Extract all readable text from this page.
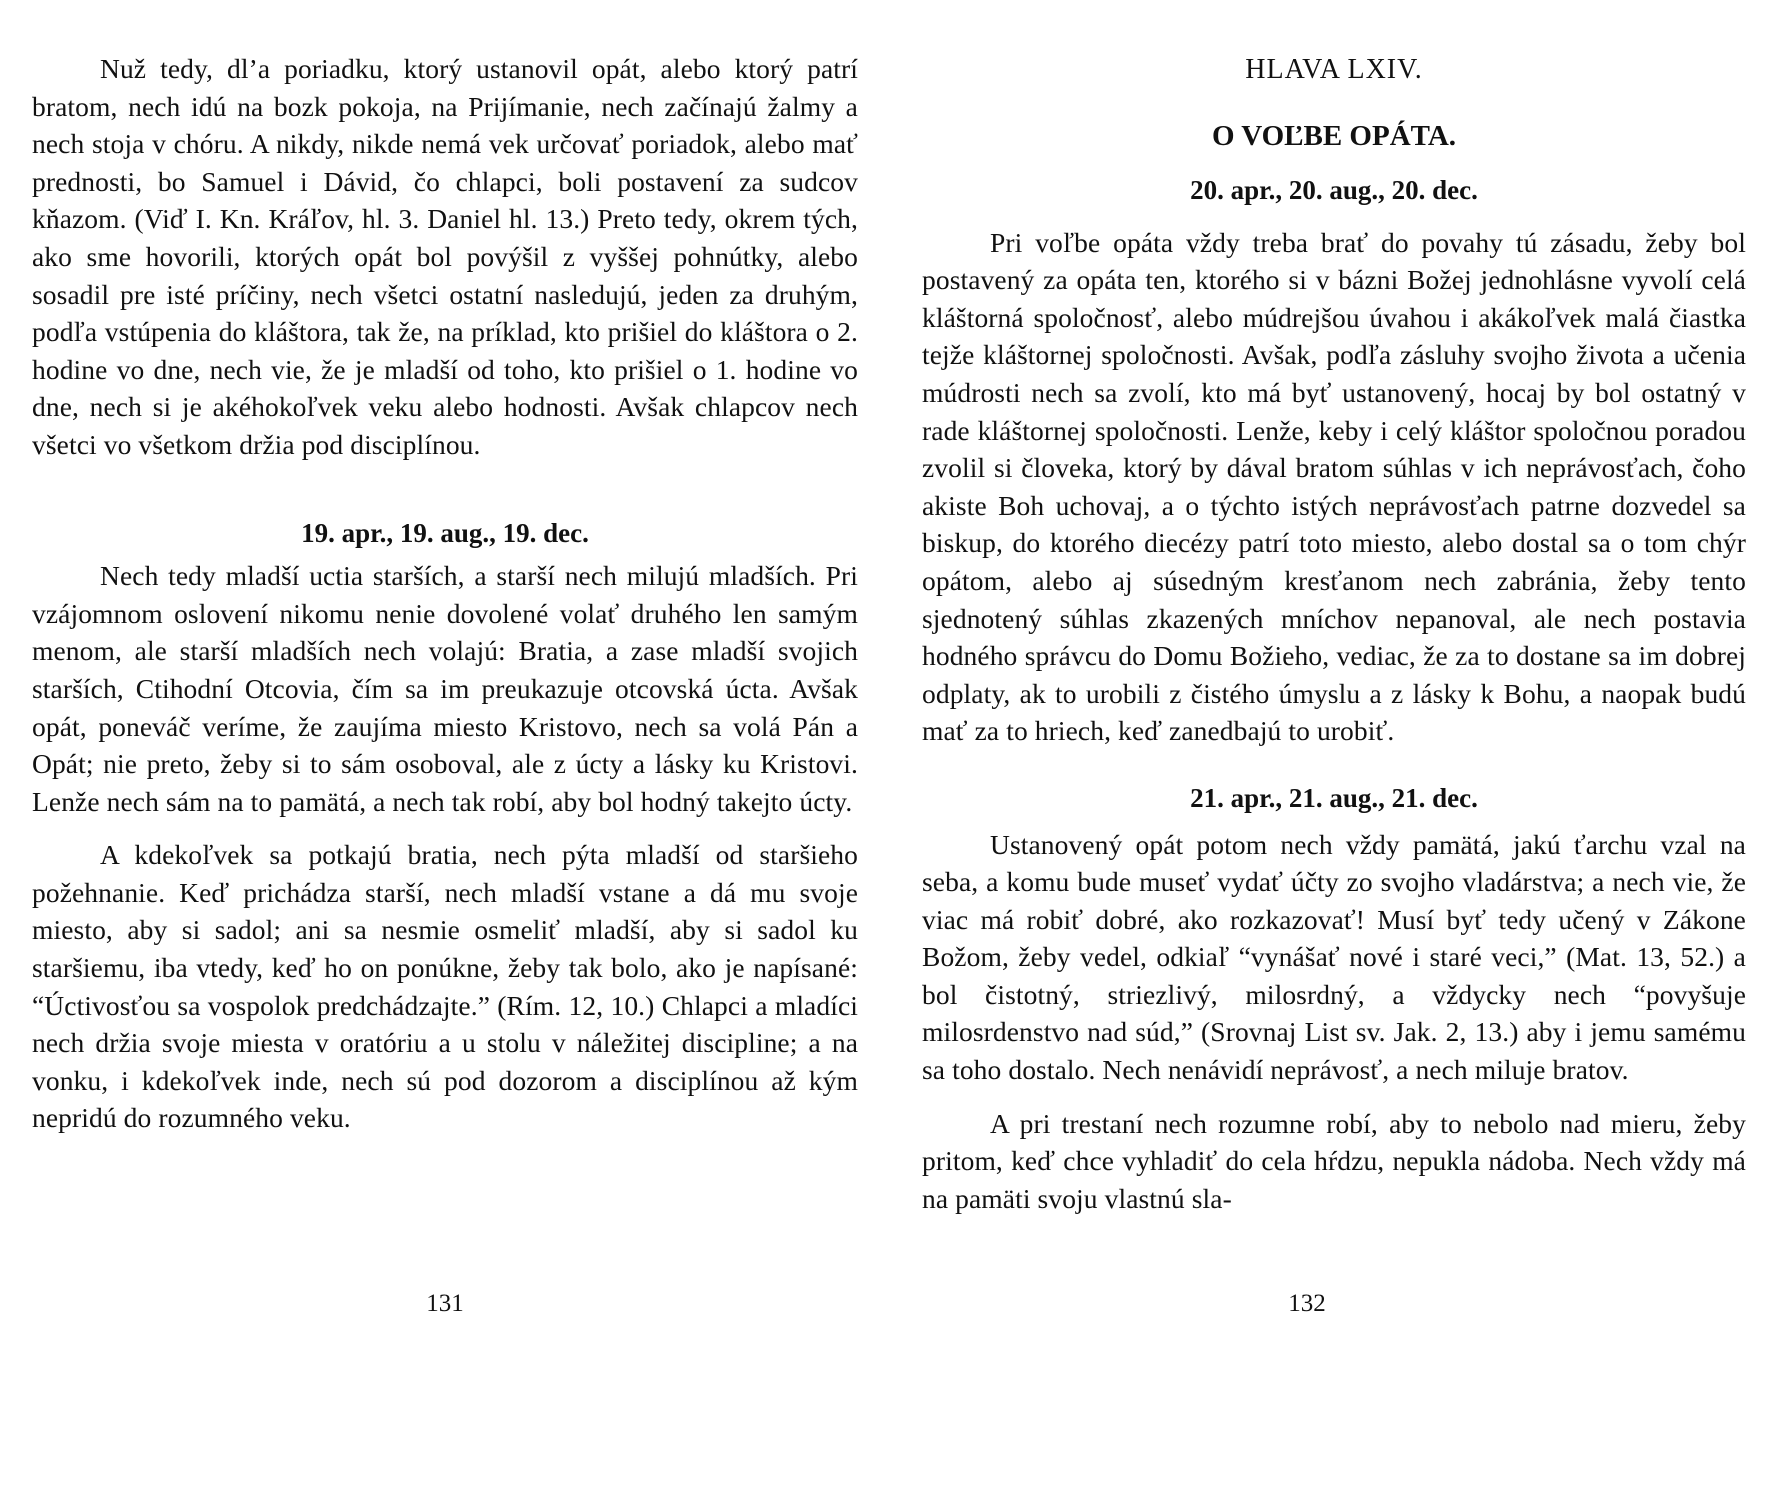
Nuž tedy, dl’a poriadku, ktorý ustanovil opát, alebo ktorý patrí bratom, nech idú na bozk pokoja, na Prijímanie, nech začínajú žalmy a nech stoja v chóru. A nikdy, nikde nemá vek určovať poriadok, alebo mať prednosti, bo Samuel i Dávid, čo chlapci, boli postavení za sudcov kňazom. (Viď I. Kn. Kráľov, hl. 3. Daniel hl. 13.) Preto tedy, okrem tých, ako sme hovorili, ktorých opát bol povýšil z vyššej pohnútky, alebo sosadil pre isté príčiny, nech všetci ostatní nasledujú, jeden za druhým, podľa vstúpenia do kláštora, tak že, na príklad, kto prišiel do kláštora o 2. hodine vo dne, nech vie, že je mladší od toho, kto prišiel o 1. hodine vo dne, nech si je akéhokoľvek veku alebo hodnosti. Avšak chlapcov nech všetci vo všetkom držia pod disciplínou.

19. apr., 19. aug., 19. dec.

Nech tedy mladší uctia starších, a starší nech milujú mladších. Pri vzájomnom oslovení nikomu nenie dovolené volať druhého len samým menom, ale starší mladších nech volajú: Bratia, a zase mladší svojich starších, Ctihodní Otcovia, čím sa im preukazuje otcovská úcta. Avšak opát, poneváč veríme, že zaujíma miesto Kristovo, nech sa volá Pán a Opát; nie preto, žeby si to sám osoboval, ale z úcty a lásky ku Kristovi. Lenže nech sám na to pamätá, a nech tak robí, aby bol hodný takejto úcty.

A kdekoľvek sa potkajú bratia, nech pýta mladší od staršieho požehnanie. Keď prichádza starší, nech mladší vstane a dá mu svoje miesto, aby si sadol; ani sa nesmie osmeliť mladší, aby si sadol ku staršiemu, iba vtedy, keď ho on ponúkne, žeby tak bolo, ako je napísané: “Úctivosťou sa vospolok predchádzajte.” (Rím. 12, 10.) Chlapci a mladíci nech držia svoje miesta v oratóriu a u stolu v náležitej discipline; a na vonku, i kdekoľvek inde, nech sú pod dozorom a disciplínou až kým nepridú do rozumného veku.

131
HLAVA LXIV.
O VOĽBE OPÁTA.
20. apr., 20. aug., 20. dec.

Pri voľbe opáta vždy treba brať do povahy tú zásadu, žeby bol postavený za opáta ten, ktorého si v bázni Božej jednohlásne vyvolí celá kláštorná spoločnosť, alebo múdrejšou úvahou i akákoľvek malá čiastka tejže kláštornej spoločnosti. Avšak, podľa zásluhy svojho života a učenia múdrosti nech sa zvolí, kto má byť ustanovený, hocaj by bol ostatný v rade kláštornej spoločnosti. Lenže, keby i celý kláštor spoločnou poradou zvolil si človeka, ktorý by dával bratom súhlas v ich neprávosťach, čoho akiste Boh uchovaj, a o týchto istých neprávosťach patrne dozvedel sa biskup, do ktorého diecézy patrí toto miesto, alebo dostal sa o tom chýr opátom, alebo aj súsedným kresťanom nech zabránia, žeby tento sjednotený súhlas zkazených mníchov nepanoval, ale nech postavia hodného správcu do Domu Božieho, vediac, že za to dostane sa im dobrej odplaty, ak to urobili z čistého úmyslu a z lásky k Bohu, a naopak budú mať za to hriech, keď zanedbajú to urobiť.

21. apr., 21. aug., 21. dec.

Ustanovený opát potom nech vždy pamätá, jakú ťarchu vzal na seba, a komu bude museť vydať účty zo svojho vladárstva; a nech vie, že viac má robiť dobré, ako rozkazovať! Musí byť tedy učený v Zákone Božom, žeby vedel, odkiaľ “vynášať nové i staré veci,” (Mat. 13, 52.) a bol čistotný, striezlivý, milosrdný, a vždycky nech “povyšuje milosrdenstvo nad súd,” (Srovnaj List sv. Jak. 2, 13.) aby i jemu samému sa toho dostalo. Nech nenávidí neprávosť, a nech miluje bratov.

A pri trestaní nech rozumne robí, aby to nebolo nad mieru, žeby pritom, keď chce vyhladiť do cela hŕdzu, nepukla nádoba. Nech vždy má na pamäti svoju vlastnú sla-

132
